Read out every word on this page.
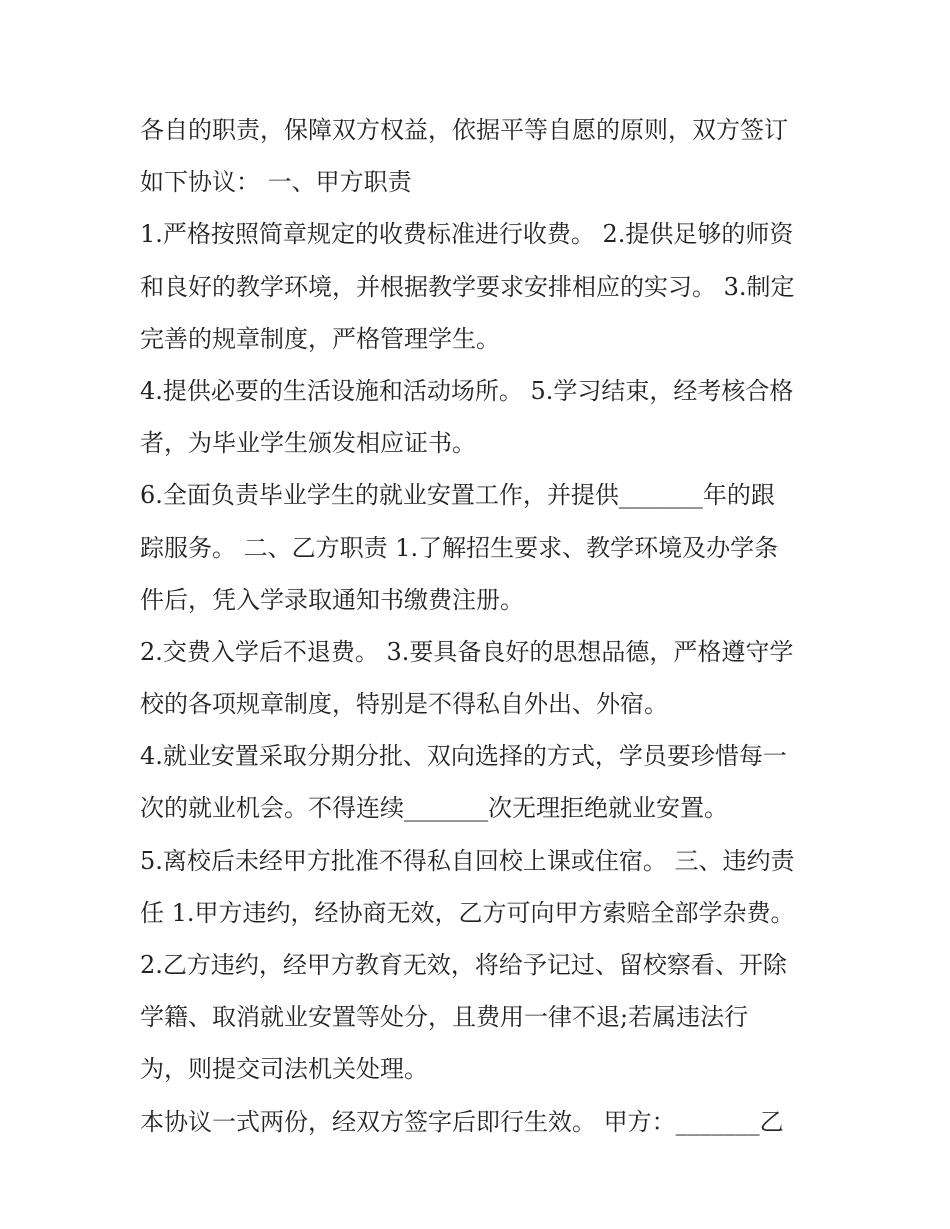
各自的职责，保障双方权益，依据平等自愿的原则，双方签订
如下协议： 一、甲方职责
1.严格按照简章规定的收费标准进行收费。 2.提供足够的师资
和良好的教学环境，并根据教学要求安排相应的实习。 3.制定
完善的规章制度，严格管理学生。
4.提供必要的生活设施和活动场所。 5.学习结束，经考核合格
者，为毕业学生颁发相应证书。
6.全面负责毕业学生的就业安置工作，并提供_______年的跟
踪服务。 二、乙方职责 1.了解招生要求、教学环境及办学条
件后，凭入学录取通知书缴费注册。
2.交费入学后不退费。 3.要具备良好的思想品德，严格遵守学
校的各项规章制度，特别是不得私自外出、外宿。
4.就业安置采取分期分批、双向选择的方式，学员要珍惜每一
次的就业机会。不得连续_______次无理拒绝就业安置。
5.离校后未经甲方批准不得私自回校上课或住宿。 三、违约责
任 1.甲方违约，经协商无效，乙方可向甲方索赔全部学杂费。
2.乙方违约，经甲方教育无效，将给予记过、留校察看、开除
学籍、取消就业安置等处分，且费用一律不退;若属违法行
为，则提交司法机关处理。
本协议一式两份，经双方签字后即行生效。 甲方：_______乙
